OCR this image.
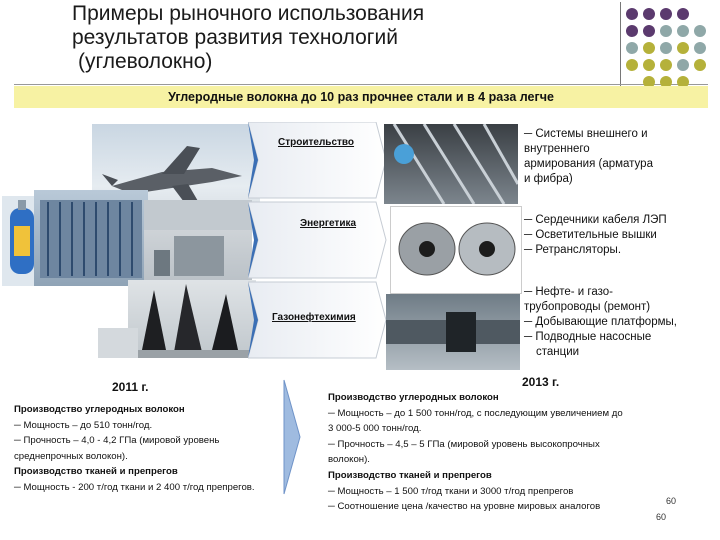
Примеры рыночного использования
результатов развития технологий
(углеволокно)
Углеродные волокна до 10 раз прочнее стали и в 4 раза легче
Строительство
Энергетика
Газонефтехимия
─ Системы внешнего и
внутреннего
армирования (арматура
и фибра)
─ Сердечники кабеля ЛЭП
─ Осветительные вышки
─ Ретрансляторы.
─ Нефте- и газо-
трубопроводы (ремонт)
─ Добывающие платформы,
─ Подводные насосные
станции
2011 г.	2013 г.
Производство углеродных волокон
─ Мощность – до 510 тонн/год.
─ Прочность – 4,0 - 4,2 ГПа (мировой уровень
среднепрочных волокон).
Производство тканей и препрегов
─ Мощность - 200 т/год ткани и 2 400 т/год препрегов.
Производство углеродных волокон
─ Мощность – до 1 500 тонн/год, с последующим увеличением до
3 000-5 000 тонн/год.
─ Прочность – 4,5 – 5 ГПа (мировой уровень высокопрочных
волокон).
Производство тканей и препрегов
─ Мощность – 1 500 т/год ткани и 3000 т/год препрегов
─ Соотношение цена /качество на уровне мировых аналогов
60
60
